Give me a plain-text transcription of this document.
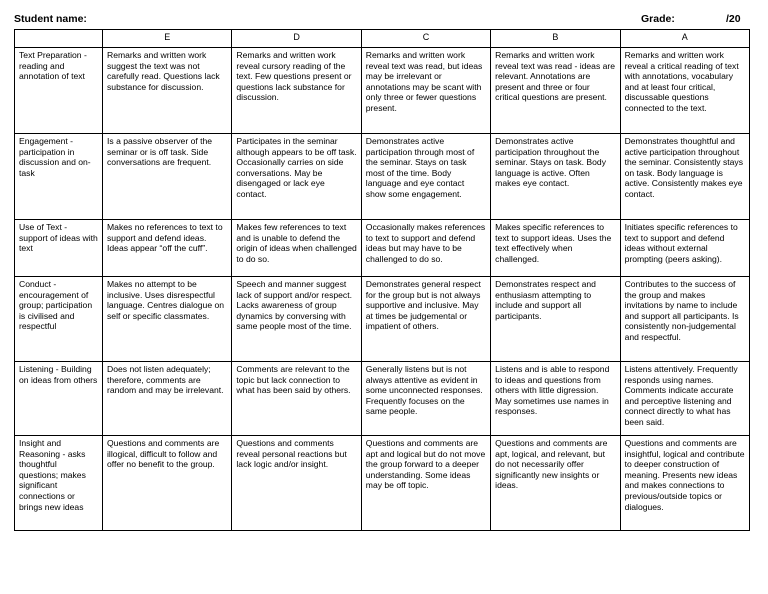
Student name:	Grade:	/20
	E	D	C	B	A
Text Preparation - reading and annotation of text	Remarks and written work suggest the text was not carefully read. Questions lack substance for discussion.	Remarks and written work reveal cursory reading of the text. Few questions present or questions lack substance for discussion.	Remarks and written work reveal text was read, but ideas may be irrelevant or annotations may be scant with only three or fewer questions present.	Remarks and written work reveal text was read - ideas are relevant. Annotations are present and three or four critical questions are present.	Remarks and written work reveal a critical reading of text with annotations, vocabulary and at least four critical, discussable questions connected to the text.
Engagement - participation in discussion and on-task	Is a passive observer of the seminar or is off task. Side conversations are frequent.	Participates in the seminar although appears to be off task. Occasionally carries on side conversations. May be disengaged or lack eye contact.	Demonstrates active participation through most of the seminar. Stays on task most of the time. Body language and eye contact show some engagement.	Demonstrates active participation throughout the seminar. Stays on task. Body language is active. Often makes eye contact.	Demonstrates thoughtful and active participation throughout the seminar. Consistently stays on task. Body language is active. Consistently makes eye contact.
Use of Text - support of ideas with text	Makes no references to text to support and defend ideas. Ideas appear “off the cuff”.	Makes few references to text and is unable to defend the origin of ideas when challenged to do so.	Occasionally makes references to text to support and defend ideas but may have to be challenged to do so.	Makes specific references to text to support ideas. Uses the text effectively when challenged.	Initiates specific references to text to support and defend ideas without external prompting (peers asking).
Conduct - encouragement of group; participation is civilised and respectful	Makes no attempt to be inclusive. Uses disrespectful language. Centres dialogue on self or specific classmates.	Speech and manner suggest lack of support and/or respect. Lacks awareness of group dynamics by conversing with same people most of the time.	Demonstrates general respect for the group but is not always supportive and inclusive. May at times be judgemental or impatient of others.	Demonstrates respect and enthusiasm attempting to include and support all participants.	Contributes to the success of the group and makes invitations by name to include and support all participants. Is consistently non-judgemental and respectful.
Listening - Building on ideas from others	Does not listen adequately; therefore, comments are random and may be irrelevant.	Comments are relevant to the topic but lack connection to what has been said by others.	Generally listens but is not always attentive as evident in some unconnected responses. Frequently focuses on the same people.	Listens and is able to respond to ideas and questions from others with little digression. May sometimes use names in responses.	Listens attentively. Frequently responds using names. Comments indicate accurate and perceptive listening and connect directly to what has been said.
Insight and Reasoning - asks thoughtful questions; makes significant connections or brings new ideas	Questions and comments are illogical, difficult to follow and offer no benefit to the group.	Questions and comments reveal personal reactions but lack logic and/or insight.	Questions and comments are apt and logical but do not move the group forward to a deeper understanding. Some ideas may be off topic.	Questions and comments are apt, logical, and relevant, but do not necessarily offer significantly new insights or ideas.	Questions and comments are insightful, logical and contribute to deeper construction of meaning. Presents new ideas and makes connections to previous/outside topics or dialogues.
